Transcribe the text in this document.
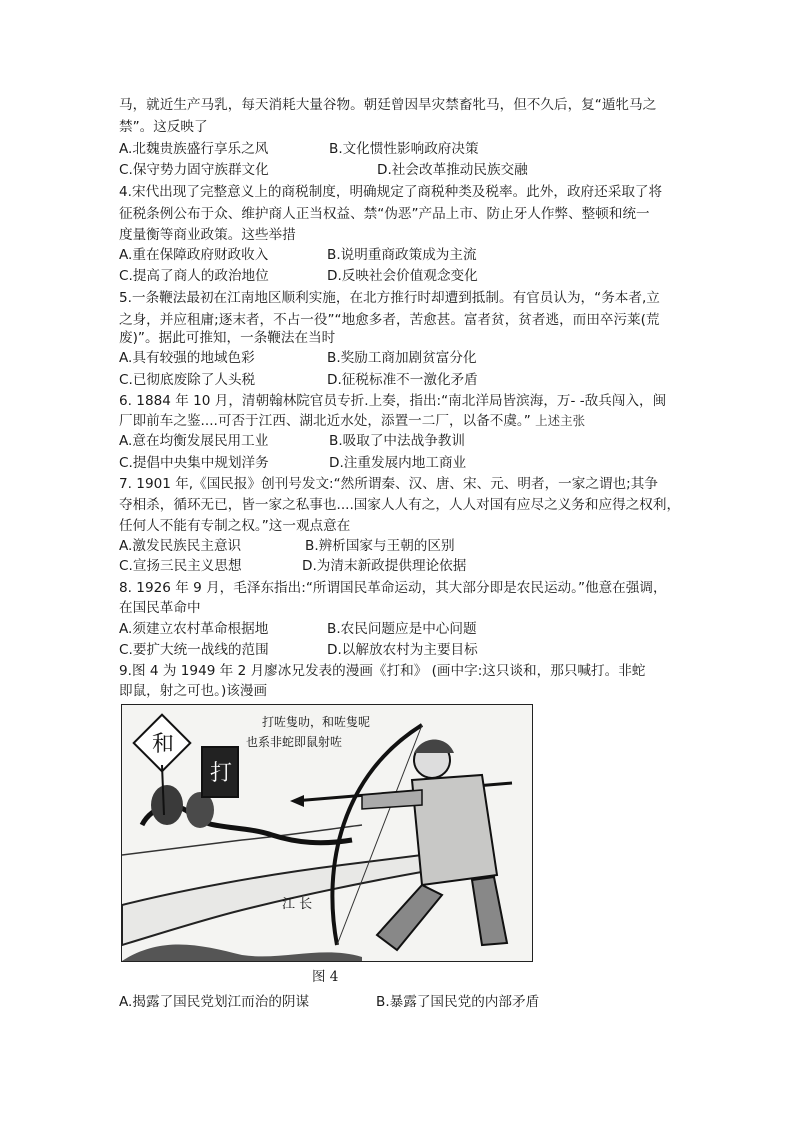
马，就近生产马乳，每天消耗大量谷物。朝廷曾因旱灾禁畜牝马，但不久后，复“遁牝马之
禁”。这反映了
A.北魏贵族盛行享乐之风	B.文化惯性影响政府决策
C.保守势力固守族群文化	D.社会改革推动民族交融
4.宋代出现了完整意义上的商税制度，明确规定了商税种类及税率。此外，政府还采取了将
征税条例公布于众、维护商人正当权益、禁“伪恶”产品上市、防止牙人作弊、整顿和统一
度量衡等商业政策。这些举措
A.重在保障政府财政收入	B.说明重商政策成为主流
C.提高了商人的政治地位	D.反映社会价值观念变化
5.一条鞭法最初在江南地区顺利实施，在北方推行时却遭到抵制。有官员认为，“务本者,立
之身，并应租庸;逐末者，不占一役”“地愈多者，苦愈甚。富者贫，贫者逃，而田卒污莱(荒
废)”。据此可推知，一条鞭法在当时
A.具有较强的地域色彩	B.奖励工商加剧贫富分化
C.已彻底废除了人头税	D.征税标准不一激化矛盾
6. 1884 年 10 月，清朝翰林院官员专折.上奏，指出:“南北洋局皆滨海，万- -敌兵闯入，闽
厂即前车之鉴....可否于江西、湖北近水处，添置一二厂，以备不虞。” 上述主张
A.意在均衡发展民用工业	B.吸取了中法战争教训
C.提倡中央集中规划洋务	D.注重发展内地工商业
7. 1901 年,《国民报》创刊号发文:“然所谓秦、汉、唐、宋、元、明者，一家之谓也;其争
夺相杀，循环无已，皆一家之私事也....国家人人有之，人人对国有应尽之义务和应得之权利，
任何人不能有专制之权。”这一观点意在
A.激发民族民主意识	B.辨析国家与王朝的区别
C.宣扬三民主义思想	D.为清末新政提供理论依据
8. 1926 年 9 月，毛泽东指出:“所谓国民革命运动，其大部分即是农民运动。”他意在强调，
在国民革命中
A.须建立农村革命根据地	B.农民问题应是中心问题
C.要扩大统一战线的范围	D.以解放农村为主要目标
9.图 4 为 1949 年 2 月廖冰兄发表的漫画《打和》 (画中字:这只谈和，那只喊打。非蛇
即鼠，射之可也。)该漫画
和
打
打咗隻叻，和咗隻呢
也系非蛇即鼠射咗
江 长
图 4
A.揭露了国民党划江而治的阴谋	B.暴露了国民党的内部矛盾
